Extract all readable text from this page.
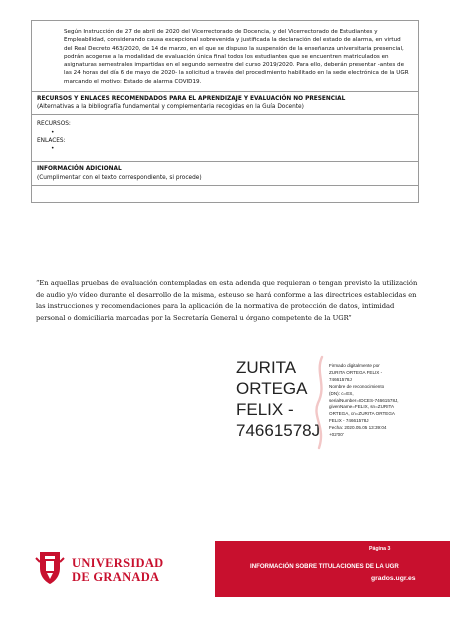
Según Instrucción de 27 de abril de 2020 del Vicerrectorado de Docencia, y del Vicerrectorado de Estudiantes y Empleabilidad, considerando causa excepcional sobrevenida y justificada la declaración del estado de alarma, en virtud del Real Decreto 463/2020, de 14 de marzo, en el que se dispuso la suspensión de la enseñanza universitaria presencial, podrán acogerse a la modalidad de evaluación única final todos los estudiantes que se encuentren matriculados en asignaturas semestrales impartidas en el segundo semestre del curso 2019/2020. Para ello, deberán presentar -antes de las 24 horas del día 6 de mayo de 2020- la solicitud a través del procedimiento habilitado en la sede electrónica de la UGR marcando el motivo: Estado de alarma COVID19.
RECURSOS Y ENLACES RECOMENDADOS PARA EL APRENDIZAJE Y EVALUACIÓN NO PRESENCIAL
(Alternativas a la bibliografía fundamental y complementaria recogidas en la Guía Docente)
RECURSOS:
•
ENLACES:
•
INFORMACIÓN ADICIONAL
(Cumplimentar con el texto correspondiente, si procede)
“En aquellas pruebas de evaluación contempladas en esta adenda que requieran o tengan previsto la utilización de audio y/o vídeo durante el desarrollo de la misma, esteuso se hará conforme a las directrices establecidas en las instrucciones y recomendaciones para la aplicación de la normativa de protección de datos, intimidad personal o domiciliaria marcadas por la Secretaría General u órgano competente de la UGR”
ZURITA
ORTEGA
FELIX -
74661578J
Firmado digitalmente por
ZURITA ORTEGA FELIX -
74661578J
Nombre de reconocimiento
(DN): c=ES,
serialNumber=IDCES-74661578J,
givenName=FELIX, sn=ZURITA
ORTEGA, cn=ZURITA ORTEGA
FELIX - 74661578J
Fecha: 2020.05.05 13:39:04
+02'00'
UNIVERSIDAD
DE GRANADA
Página 3
INFORMACIÓN SOBRE TITULACIONES DE LA UGR
grados.ugr.es
